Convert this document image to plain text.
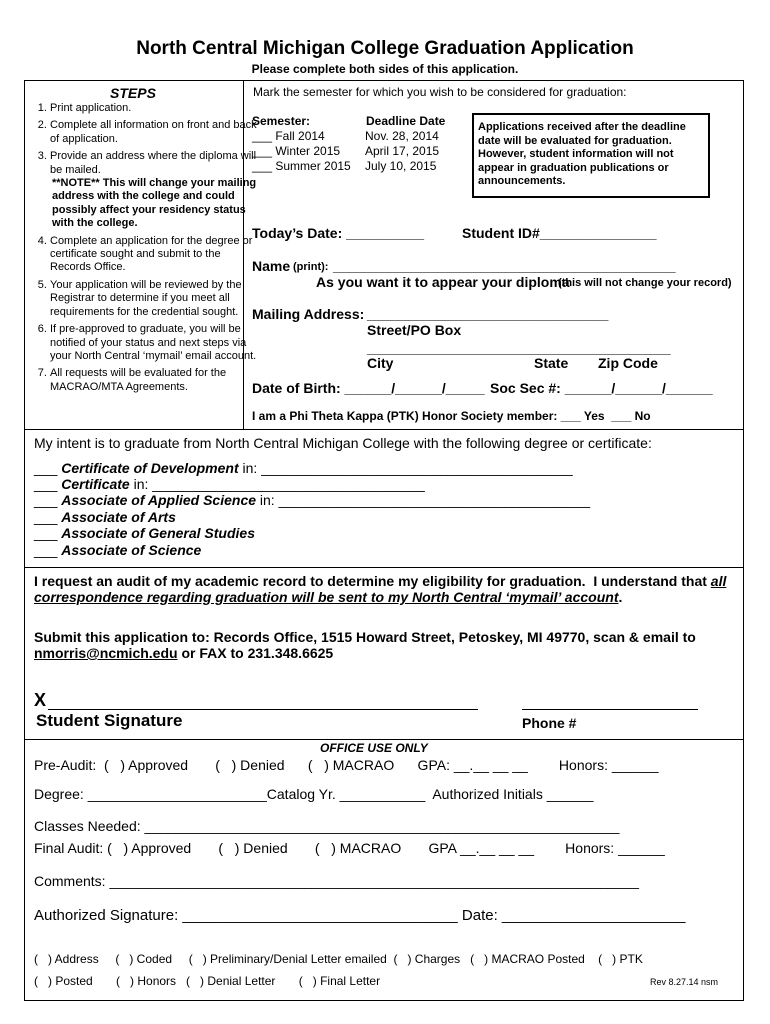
North Central Michigan College Graduation Application
Please complete both sides of this application.
STEPS
1. Print application.
2. Complete all information on front and back of application.
3. Provide an address where the diploma will be mailed.
**NOTE** This will change your mailing address with the college and could possibly affect your residency status with the college.
4. Complete an application for the degree or certificate sought and submit to the Records Office.
5. Your application will be reviewed by the Registrar to determine if you meet all requirements for the credential sought.
6. If pre-approved to graduate, you will be notified of your status and next steps via your North Central ‘mymail’ email account.
7. All requests will be evaluated for the MACRAO/MTA Agreements.
Mark the semester for which you wish to be considered for graduation:
Semester:	Deadline Date
___ Fall 2014	Nov. 28, 2014
___ Winter 2015 April 17, 2015
___ Summer 2015 July 10, 2015
Applications received after the deadline date will be evaluated for graduation. However, student information will not appear in graduation publications or announcements.
Today’s Date: __________	Student ID#_______________
Name (print): ____________________________________________
As you want it to appear your diploma
(this will not change your record)
Mailing Address: _______________________________
Street/PO Box
_______________________________________
City	State Zip Code
Date of Birth: ______/______/_____ Soc Sec #: ______/______/______
I am a Phi Theta Kappa (PTK) Honor Society member: ___ Yes  ___ No
My intent is to graduate from North Central Michigan College with the following degree or certificate:
___ Certificate of Development in: ________________________________________
___ Certificate in: ___________________________________
___ Associate of Applied Science in: ________________________________________
___ Associate of Arts
___ Associate of General Studies
___ Associate of Science
I request an audit of my academic record to determine my eligibility for graduation.  I understand that all
correspondence regarding graduation will be sent to my North Central ‘mymail’ account.
Submit this application to: Records Office, 1515 Howard Street, Petoskey, MI 49770, scan & email to
nmorris@ncmich.edu or FAX to 231.348.6625
X
Student Signature	Phone #
OFFICE USE ONLY
Pre-Audit:  (   ) Approved       (   ) Denied      (   ) MACRAO      GPA: __.__ __ __        Honors: ______
Degree: _______________________Catalog Yr. ___________  Authorized Initials ______
Classes Needed: _____________________________________________________________
Final Audit: (   ) Approved       (   ) Denied       (   ) MACRAO       GPA __.__ __ __        Honors: ______
Comments: ____________________________________________________________________
Authorized Signature: _________________________________ Date: ______________________
(   ) Address     (   ) Coded     (   ) Preliminary/Denial Letter emailed  (   ) Charges   (   ) MACRAO Posted    (   ) PTK
(   ) Posted       (   ) Honors   (   ) Denial Letter       (   ) Final Letter	Rev 8.27.14 nsm
